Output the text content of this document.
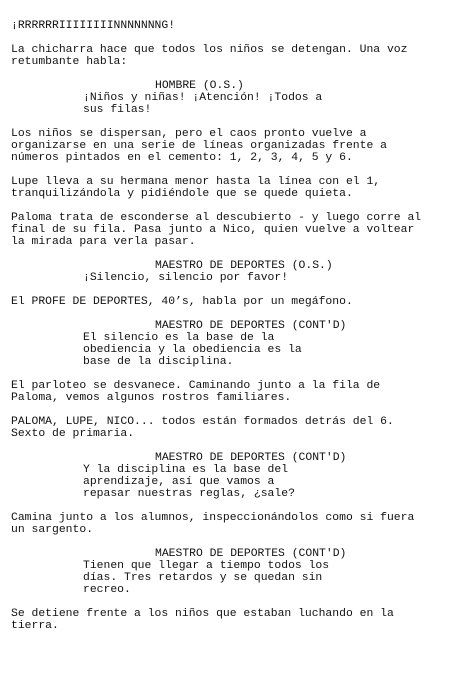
¡RRRRRRIIIIIIIINNNNNNNG!
La chicharra hace que todos los niños se detengan. Una voz
retumbante habla:
HOMBRE (O.S.)
¡Niños y niñas! ¡Atención! ¡Todos a
sus filas!
Los niños se dispersan, pero el caos pronto vuelve a
organizarse en una serie de líneas organizadas frente a
números pintados en el cemento: 1, 2, 3, 4, 5 y 6.
Lupe lleva a su hermana menor hasta la línea con el 1,
tranquilizándola y pidiéndole que se quede quieta.
Paloma trata de esconderse al descubierto - y luego corre al
final de su fila. Pasa junto a Nico, quien vuelve a voltear
la mirada para verla pasar.
MAESTRO DE DEPORTES (O.S.)
¡Silencio, silencio por favor!
El PROFE DE DEPORTES, 40’s, habla por un megáfono.
MAESTRO DE DEPORTES (CONT'D)
El silencio es la base de la
obediencia y la obediencia es la
base de la disciplina.
El parloteo se desvanece. Caminando junto a la fila de
Paloma, vemos algunos rostros familiares.
PALOMA, LUPE, NICO... todos están formados detrás del 6.
Sexto de primaria.
MAESTRO DE DEPORTES (CONT'D)
Y la disciplina es la base del
aprendizaje, así que vamos a
repasar nuestras reglas, ¿sale?
Camina junto a los alumnos, inspeccionándolos como si fuera
un sargento.
MAESTRO DE DEPORTES (CONT'D)
Tienen que llegar a tiempo todos los
días. Tres retardos y se quedan sin
recreo.
Se detiene frente a los niños que estaban luchando en la
tierra.
